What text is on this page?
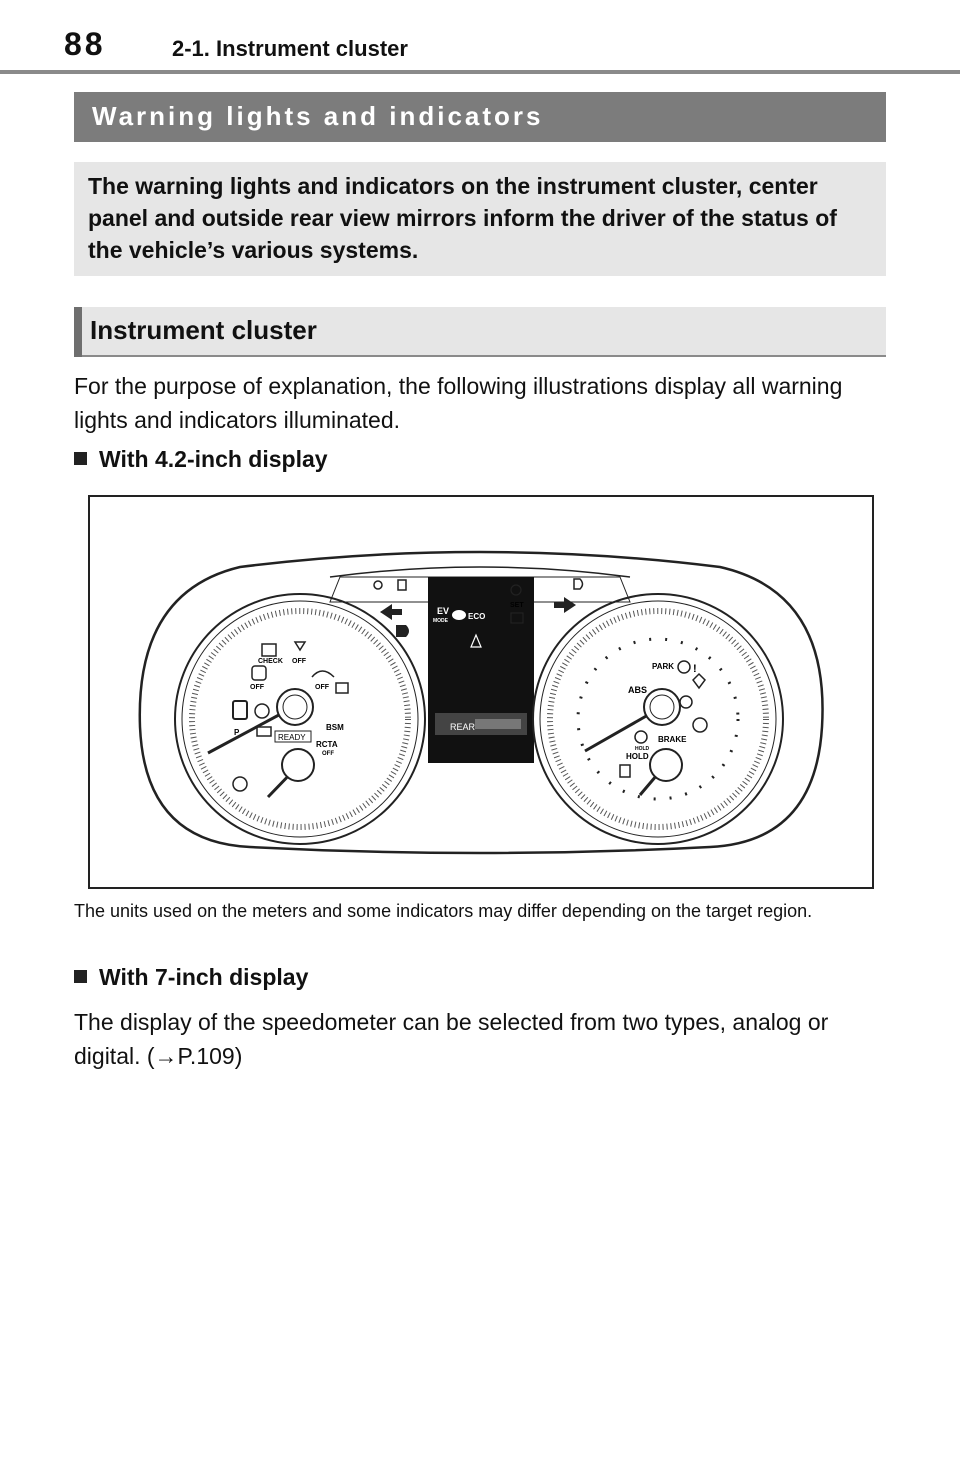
88	2-1. Instrument cluster
Warning lights and indicators
The warning lights and indicators on the instrument cluster, center panel and outside rear view mirrors inform the driver of the status of the vehicle’s various systems.
Instrument cluster
For the purpose of explanation, the following illustrations display all warning lights and indicators illuminated.
With 4.2-inch display
CHECK OFF
OFF	OFF
P
READY
BSM
RCTA
OFF
REAR
EV
MODE	ECO
SET
PARK !
ABS
HOLD
BRAKE
HOLD
The units used on the meters and some indicators may differ depending on the target region.
With 7-inch display
The display of the speedometer can be selected from two types, analog or digital. (→P.109)
